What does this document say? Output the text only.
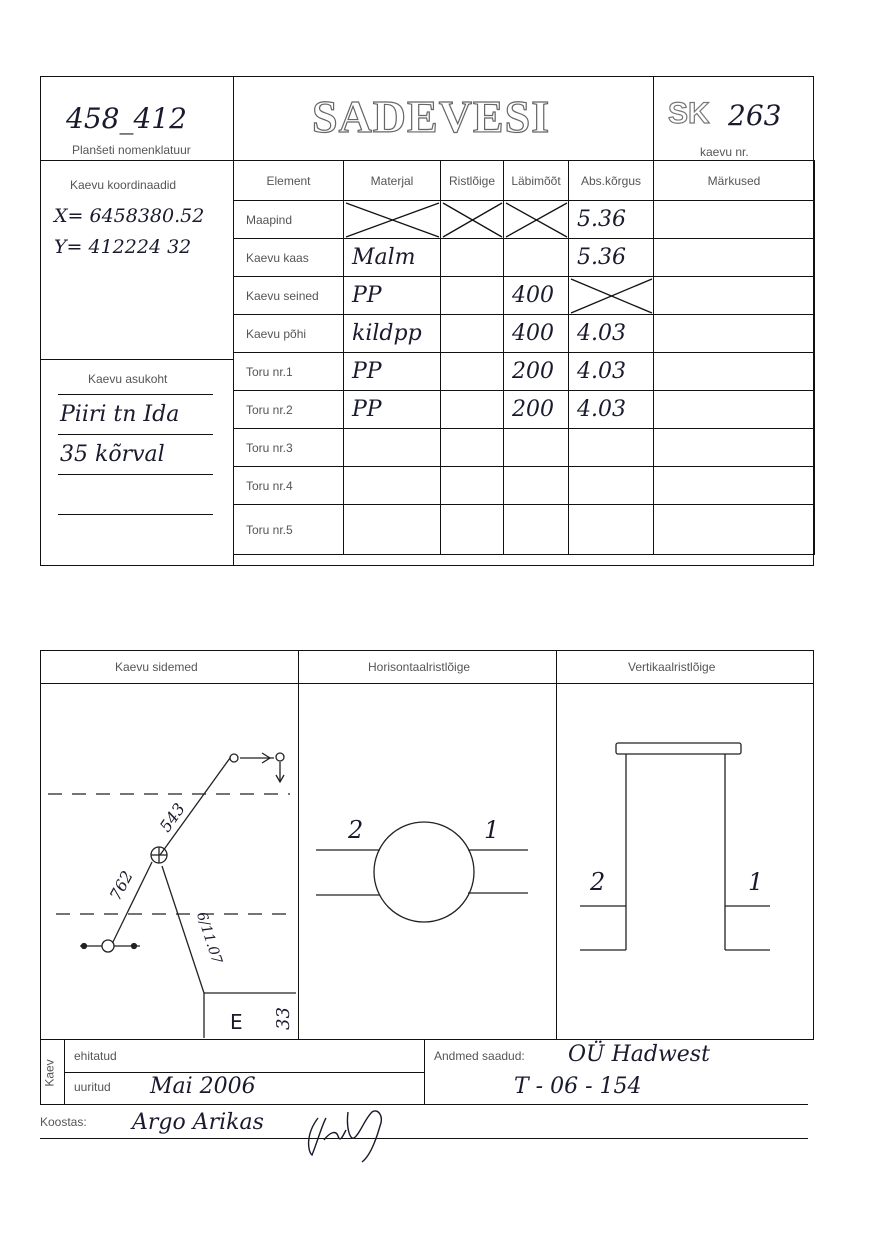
458_412
Planšeti nomenklatuur
SADEVESI	SK 263
kaevu nr.
Kaevu koordinaadid
X= 6458380.52
Y= 412224 32
Kaevu asukoht
Piiri tn Ida
35 kõrval
Element	Materjal	Ristlõige	Läbimõõt	Abs.kõrgus	Märkused
Maapind				5.36	

Kaevu kaas	Malm			5.36	

Kaevu seined	PP		400

Kaevu põhi	kildpp		400	4.03	

Toru nr.1	PP		200	4.03	

Toru nr.2	PP		200	4.03	

Toru nr.3	

Toru nr.4	

Toru nr.5	

Kaevu sidemed	Horisontaalristlõige	Vertikaalristlõige
543
762
6/11.07
E 33
2	1
2	1
Kaev
ehitatud
uuritud Mai 2006
Andmed saadud: OÜ Hadwest
T - 06 - 154
Koostas: Argo Arikas
